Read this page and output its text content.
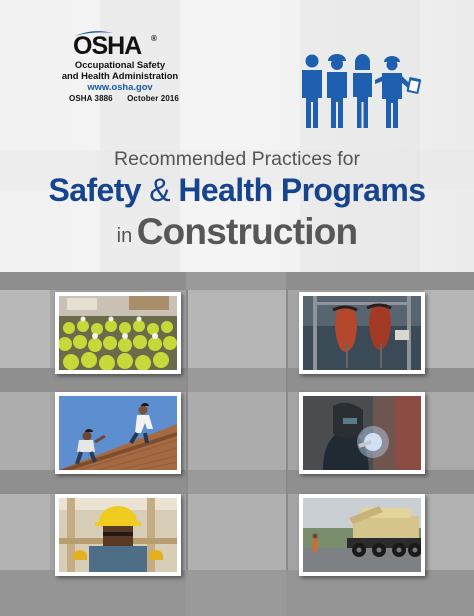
OSHA ®
Occupational Safety
and Health Administration
www.osha.gov
OSHA 3886 October 2016
Recommended Practices for
Safety & Health Programs
in Construction
